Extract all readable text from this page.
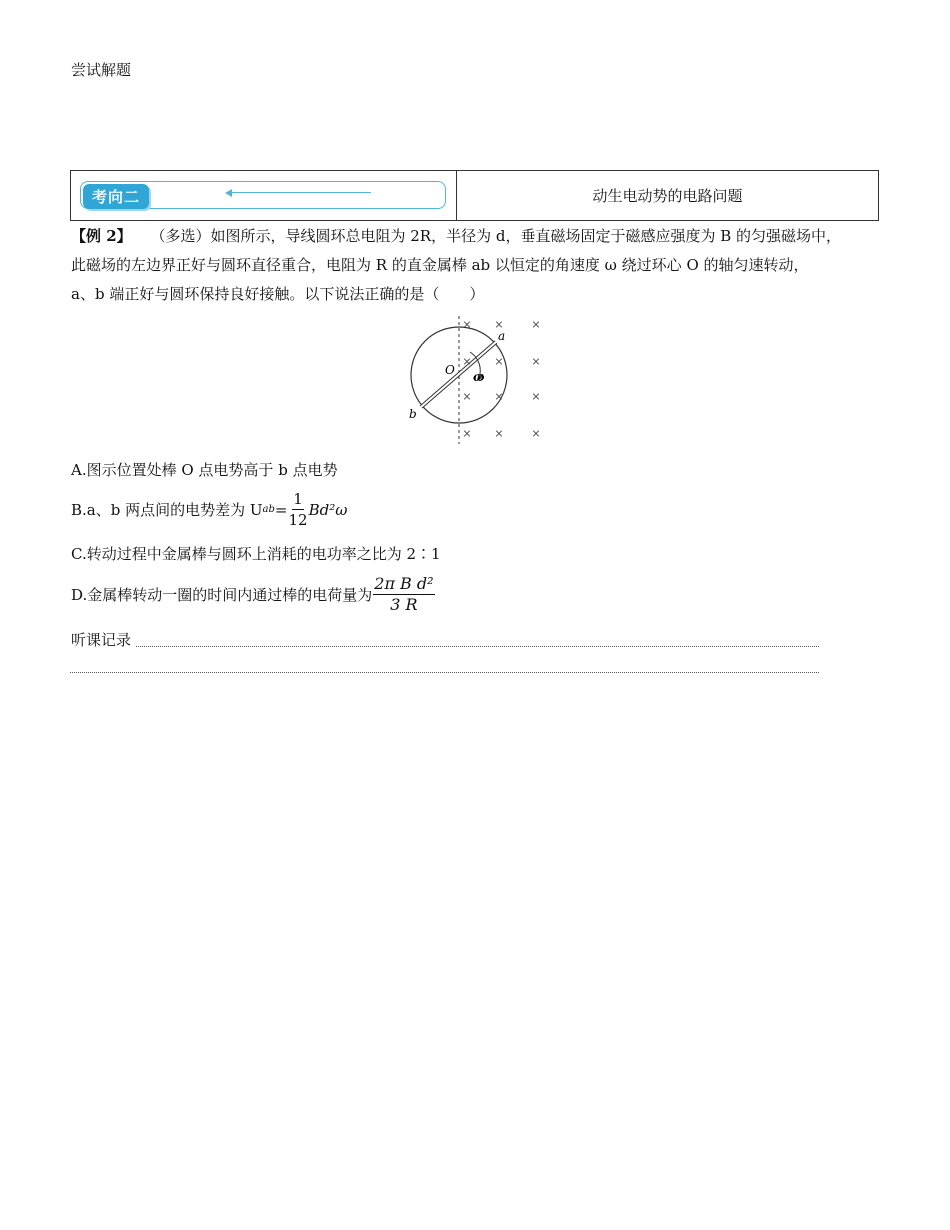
尝试解题
考向二	动生电动势的电路问题
【例 2】 （多选）如图所示，导线圆环总电阻为 2R，半径为 d，垂直磁场固定于磁感应强度为 B 的匀强磁场中，
此磁场的左边界正好与圆环直径重合，电阻为 R 的直金属棒 ab 以恒定的角速度 ω 绕过环心 O 的轴匀速转动，
a、b 端正好与圆环保持良好接触。以下说法正确的是（　　）
O
a
b
ω
× ×	×
× ×	×
× ×	×
× ×	×
A.图示位置处棒 O 点电势高于 b 点电势
B.a、b 两点间的电势差为 U ab = $\frac{1}{12} Bd^2\omega$
C.转动过程中金属棒与圆环上消耗的电功率之比为 2∶1
D.金属棒转动一圈的时间内通过棒的电荷量为 $\frac{\text{2π B d²}}{3 R}$
听课记录
